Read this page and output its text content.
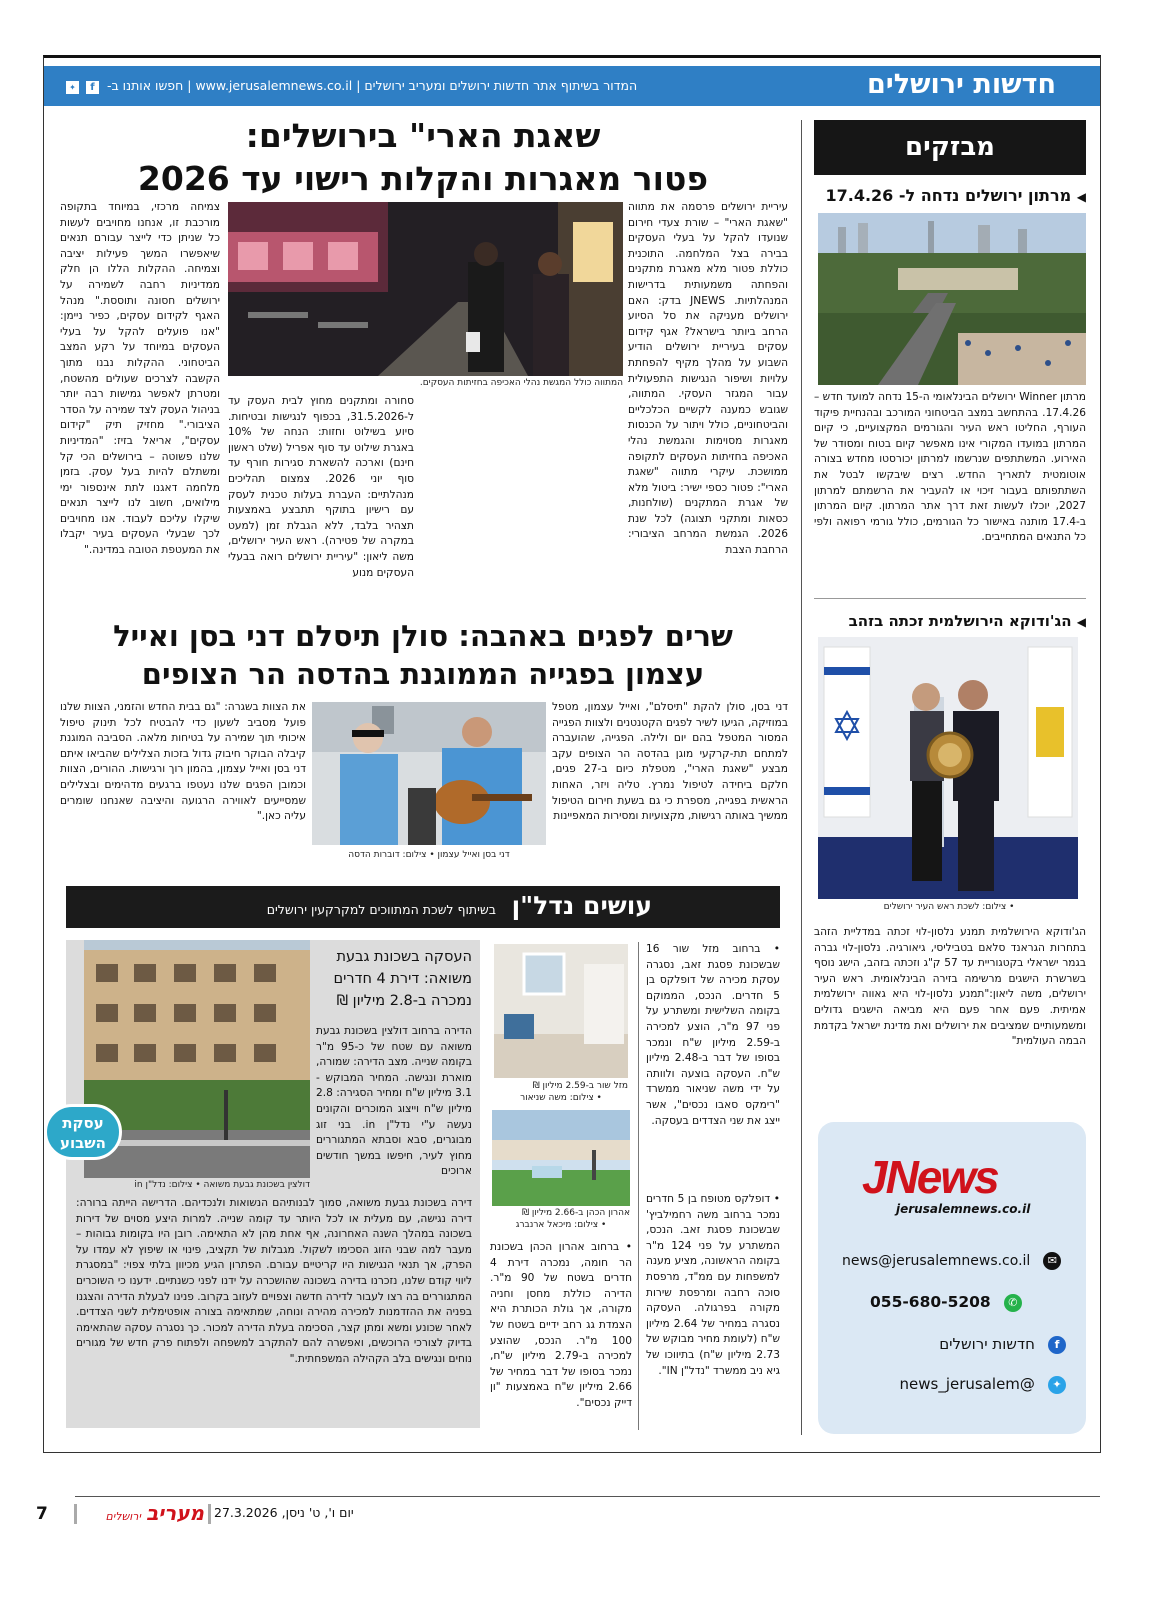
חדשות ירושלים
המדור בשיתוף אתר חדשות ירושלים ומעריב ירושלים | www.jerusalemnews.co.il | חפשו אותנו ב- f ✦
מבזקים
◀ מרתון ירושלים נדחה ל- 17.4.26
מרתון Winner ירושלים הבינלאומי ה-15 נדחה למועד חדש – 17.4.26. בהתחשב במצב הביטחוני המורכב ובהנחיית פיקוד העורף, החליטו ראש העיר והגורמים המקצועיים, כי קיום המרתון במועדו המקורי אינו מאפשר קיום בטוח ומסודר של האירוע. המשתתפים שנרשמו למרתון יכורסטו מחדש בצורה אוטומטית לתאריך החדש. רצים שיבקשו לבטל את השתתפותם בעבור זיכוי או להעביר את הרשמתם למרתון 2027, יוכלו לעשות זאת דרך אתר המרתון. קיום המרתון ב-17.4 מותנה באישור כל הגורמים, כולל גורמי רפואה ולפי כל התנאים המתחייבים.
◀ הג'ודוקא הירושלמית זכתה בזהב
• צילום: לשכת ראש העיר ירושלים
הג'ודוקא הירושלמית תמנע נלסון-לוי זכתה במדליית הזהב בתחרות הגראנד סלאם בטביליסי, גיאורגיה. נלסון-לוי גברה בגמר ישראלי בקטגוריית עד 57 ק"ג וזכתה בזהב, הישג נוסף בשרשרת הישגים מרשימה בזירה הבינלאומית. ראש העיר ירושלים, משה ליאון:"תמנע נלסון-לוי היא גאווה ירושלמית אמיתית. פעם אחר פעם היא מביאה הישגים גדולים ומשמעותיים שמציבים את ירושלים ואת מדינת ישראל בקדמת הבמה העולמית"
JNews
jerusalemnews.co.il
news@jerusalemnews.co.il ✉
055-680-5208 ✆
f חדשות ירושלים
news_jerusalem@ ✦
שאגת הארי" בירושלים:
פטור מאגרות והקלות רישוי עד 2026
עיריית ירושלים פרסמה את מתווה "שאגת הארי" – שורת צעדי חירום שנועדו להקל על בעלי העסקים בבירה בצל המלחמה. התוכנית כוללת פטור מלא מאגרת מתקנים והפחתה משמעותית בדרישות המנהלתיות. JNEWS בדק: האם ירושלים מעניקה את סל הסיוע הרחב ביותר בישראל? אגף קידום עסקים בעיריית ירושלים הודיע השבוע על מהלך מקיף להפחתת עלויות ושיפור הנגישות התפעולית עבור המגזר העסקי. המתווה, שגובש כמענה לקשיים הכלכליים והביטחוניים, כולל ויתור על הכנסות מאגרות מסוימות והגמשת נהלי האכיפה בחזיתות העסקים לתקופה ממושכת. עיקרי מתווה "שאגת הארי": פטור כספי ישיר: ביטול מלא של אגרת המתקנים (שולחנות, כסאות ומתקני תצוגה) לכל שנת 2026. הגמשת המרחב הציבורי: הרחבת הצבת
המתווה כולל המגשת נהלי האכיפה בחזיתות העסקים.
סחורה ומתקנים מחוץ לבית העסק עד ל-31.5.2026, בכפוף לנגישות ובטיחות. סיוע בשילוט וחזות: הנחה של 10% באגרת שילוט עד סוף אפריל (שלט ראשון חינם) וארכה להשארת סגירות חורף עד סוף יוני 2026. צמצום תהליכים מנהלתיים: העברת בעלות טכנית לעסק עם רישיון בתוקף תתבצע באמצעות תצהיר בלבד, ללא הגבלת זמן (למעט במקרה של פטירה). ראש העיר ירושלים, משה ליאון: "עיריית ירושלים רואה בבעלי העסקים מנוע
צמיחה מרכזי, במיוחד בתקופה מורכבת זו, אנחנו מחויבים לעשות כל שניתן כדי לייצר עבורם תנאים שיאפשרו המשך פעילות יציבה וצמיחה. ההקלות הללו הן חלק ממדיניות רחבה לשמירה על ירושלים חסונה ותוססת." מנהל האגף לקידום עסקים, כפיר ניימן: "אנו פועלים להקל על בעלי העסקים במיוחד על רקע המצב הביטחוני. ההקלות נבנו מתוך הקשבה לצרכים שעולים מהשטח, ומטרתן לאפשר גמישות רבה יותר בניהול העסק לצד שמירה על הסדר הציבורי." מחזיק תיק "קידום עסקים", אריאל בזיז: "המדיניות שלנו פשוטה – בירושלים הכי קל ומשתלם להיות בעל עסק. בזמן מלחמה דאגנו לתת אינספור ימי מילואים, חשוב לנו לייצר תנאים שיקלו עליכם לעבוד. אנו מחויבים לכך שבעלי העסקים בעיר יקבלו את המעטפת הטובה במדינה."
שרים לפגים באהבה: סולן תיסלם דני בסן ואייל
עצמון בפגייה הממוגנת בהדסה הר הצופים
דני בסן, סולן להקת "תיסלם", ואייל עצמון, מטפל במוזיקה, הגיעו לשיר לפגים הקטנטנים ולצוות הפגייה המסור המטפל בהם יום ולילה. הפגייה, שהועברה למתחם תת-קרקעי מוגן בהדסה הר הצופים עקב מבצע "שאגת הארי", מטפלת כיום ב-27 פגים, חלקם ביחידה לטיפול נמרץ. טליה ויזר, האחות הראשית בפגייה, מספרת כי גם בשעת חירום הטיפול ממשיך באותה רגישות, מקצועיות ומסירות המאפיינות
דני בסן ואייל עצמון • צילום: דוברות הדסה
את הצוות בשגרה: "גם בבית החדש והזמני, הצוות שלנו פועל מסביב לשעון כדי להבטיח לכל תינוק טיפול איכותי תוך שמירה על בטיחות מלאה. הסביבה המוגנת קיבלה הבוקר חיבוק גדול בזכות הצלילים שהביאו איתם דני בסן ואייל עצמון, בהמון רוך ורגישות. ההורים, הצוות וכמובן הפגים שלנו נעטפו ברגעים מדהימים ובצלילים שמסייעים לאווירה הרגועה והיציבה שאנחנו שומרים עליה כאן."
עושים נדל"ן
בשיתוף לשכת המתווכים למקרקעין ירושלים
דולצין בשכונת גבעת משואה • צילום: נדל"ן in
עסקת
השבוע
העסקה בשכונת גבעת
משואה: דירת 4 חדרים
נמכרה ב-2.8 מיליון ₪
הדירה ברחוב דולצין בשכונת גבעת משואה עם שטח של כ-95 מ"ר בקומה שנייה. מצב הדירה: שמורה, מוארת ונגישה. המחיר המבוקש - 3.1 מיליון ש"ח ומחיר הסגירה: 2.8 מיליון ש"ח וייצוג המוכרים והקונים נעשה ע"י נדל"ן in. בני זוג מבוגרים, סבא וסבתא המתגוררים מחוץ לעיר, חיפשו במשך חודשים ארוכים
דירה בשכונת גבעת משואה, סמוך לבנותיהם הנשואות ולנכדיהם. הדרישה הייתה ברורה: דירה נגישה, עם מעלית או לכל היותר עד קומה שנייה. למרות היצע מסוים של דירות בשכונה במהלך השנה האחרונה, אף אחת מהן לא התאימה. רובן היו בקומות גבוהות – מעבר למה שבני הזוג הסכימו לשקול. מגבלות של תקציב, פינוי או שיפוץ לא עמדו על הפרק, אך תנאי הנגישות היו קריטיים עבורם. הפתרון הגיע מכיוון בלתי צפוי: "במסגרת ליווי קודם שלנו, נזכרנו בדירה בשכונה שהושכרה על ידנו לפני כשנתיים. ידענו כי השוכרים המתגוררים בה רצו לעבור לדירה חדשה וצפויים לעזוב בקרוב. פנינו לבעלת הדירה והצגנו בפניה את ההזדמנות למכירה מהירה ונוחה, שמתאימה בצורה אופטימלית לשני הצדדים. לאחר שכונע ומשא ומתן קצר, הסכימה בעלת הדירה למכור. כך נסגרה עסקה שהתאימה בדיוק לצורכי הרוכשים, ואפשרה להם להתקרב למשפחה ולפתוח פרק חדש של מגורים נוחים ונגישים בלב הקהילה המשפחתית."
מזל שור ב-2.59 מיליון ₪
• צילום: משה שניאור
אהרון הכהן ב-2.66 מיליון ₪
• צילום: מיכאל ארנברג
• ברחוב אהרון הכהן בשכונת הר חומה, נמכרה דירת 4 חדרים בשטח של 90 מ"ר. הדירה כוללת מחסן וחניה מקורה, אך גולת הכותרת היא הצמדת גג רחב ידיים בשטח של 100 מ"ר. הנכס, שהוצע למכירה ב-2.79 מיליון ש"ח, נמכר בסופו של דבר במחיר של 2.66 מיליון ש"ח באמצעות "ון דייק נכסים".
• ברחוב מזל שור 16 שבשכונת פסגת זאב, נסגרה עסקת מכירה של דופלקס בן 5 חדרים. הנכס, הממוקם בקומה השלישית ומשתרע על פני 97 מ"ר, הוצע למכירה ב-2.59 מיליון ש"ח ונמכר בסופו של דבר ב-2.48 מיליון ש"ח. העסקה בוצעה ולוותה על ידי משה שניאור ממשרד "רימקס סאבו נכסים", אשר ייצג את שני הצדדים בעסקה.
• דופלקס מטופח בן 5 חדרים נמכר ברחוב משה רחמילביץ' שבשכונת פסגת זאב. הנכס, המשתרע על פני 124 מ"ר בקומה הראשונה, מציע מענה למשפחות עם ממ"ד, מרפסת סוכה רחבה ומרפסת שירות מקורה בפרגולה. העסקה נסגרה במחיר של 2.64 מיליון ש"ח (לעומת מחיר מבוקש של 2.73 מיליון ש"ח) בתיווכו של גיא ניב ממשרד "נדל"ן IN".
7	מעריב ירושלים	יום ו', ט' ניסן, 27.3.2026
